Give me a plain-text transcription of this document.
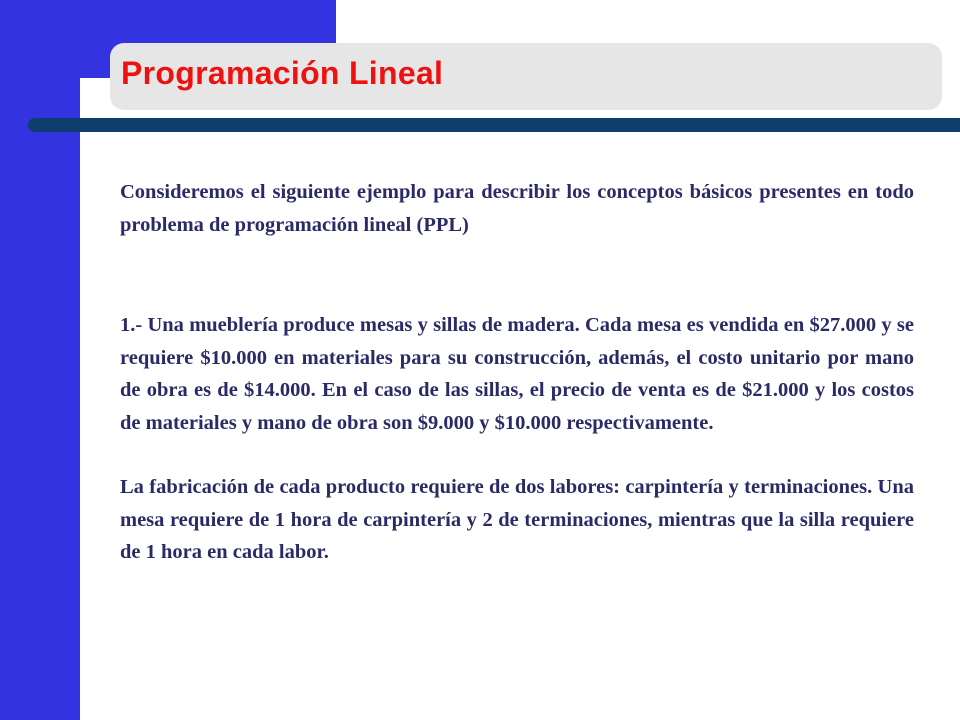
Programación Lineal

Consideremos el siguiente ejemplo para describir los conceptos básicos presentes en todo problema de programación lineal (PPL)

1.- Una mueblería produce mesas y sillas de madera. Cada mesa es vendida en $27.000 y se requiere $10.000 en materiales para su construcción, además, el costo unitario por mano de obra es de $14.000. En el caso de las sillas, el precio de venta es de $21.000 y los costos de materiales y mano de obra son $9.000 y $10.000 respectivamente.

La fabricación de cada producto requiere de dos labores: carpintería y terminaciones. Una mesa requiere de 1 hora de carpintería y 2 de terminaciones, mientras que la silla requiere de 1 hora en cada labor.
